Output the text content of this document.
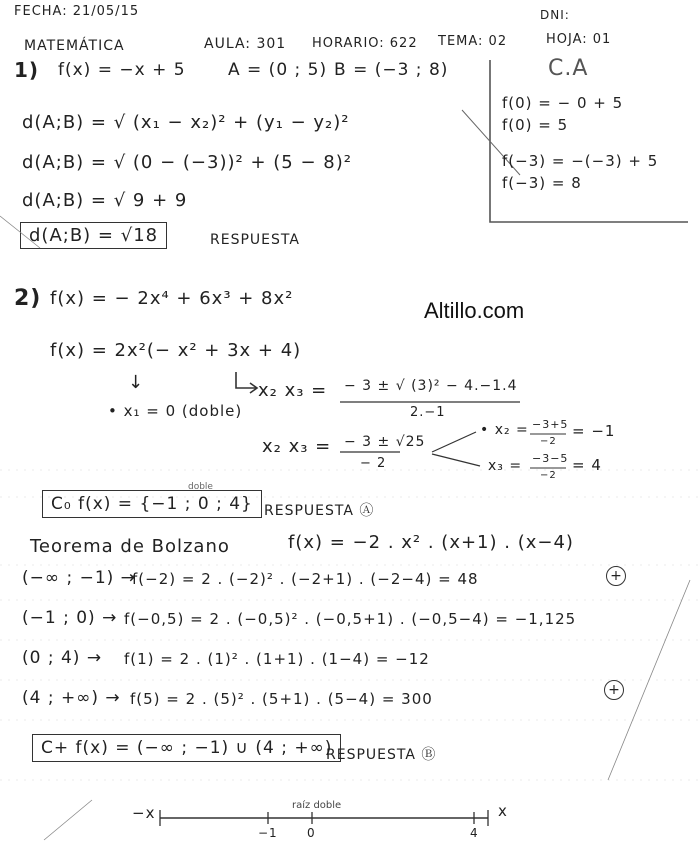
FECHA: 21/05/15	DNI:
MATEMÁTICA	AULA: 301 HORARIO: 622 TEMA: 02	HOJA: 01
1) f(x) = −x + 5 A = (0 ; 5) B = (−3 ; 8)
d(A;B) = √ (x₁ − x₂)² + (y₁ − y₂)²
d(A;B) = √ (0 − (−3))² + (5 − 8)²
d(A;B) = √ 9 + 9
d(A;B) = √18	RESPUESTA
C.A
f(0) = − 0 + 5
f(0) = 5
f(−3) = −(−3) + 5
f(−3) = 8
Altillo.com
2) f(x) = − 2x⁴ + 6x³ + 8x²
f(x) = 2x²(− x² + 3x + 4)
↓
• x₁ = 0 (doble)
x₂ x₃ = − 3 ± √ (3)² − 4.−1.4
2.−1
x₂ x₃ = − 3 ± √25
− 2
• x₂ = −3+5
−2
= −1
x₃ = −3−5
−2
= 4
C₀ f(x) = {−1 ; 0 ; 4}
doble
RESPUESTA Ⓐ
Teorema de Bolzano	f(x) = −2 . x² . (x+1) . (x−4)
(−∞ ; −1) →
f(−2) = 2 . (−2)² . (−2+1) . (−2−4) = 48	+
(−1 ; 0) → f(−0,5) = 2 . (−0,5)² . (−0,5+1) . (−0,5−4) = −1,125
(0 ; 4) → f(1) = 2 . (1)² . (1+1) . (1−4) = −12
(4 ; +∞) → f(5) = 2 . (5)² . (5+1) . (5−4) = 300	+
C+ f(x) = (−∞ ; −1) ∪ (4 ; +∞)
RESPUESTA Ⓑ
−x	x
raíz doble
−1 0	4
